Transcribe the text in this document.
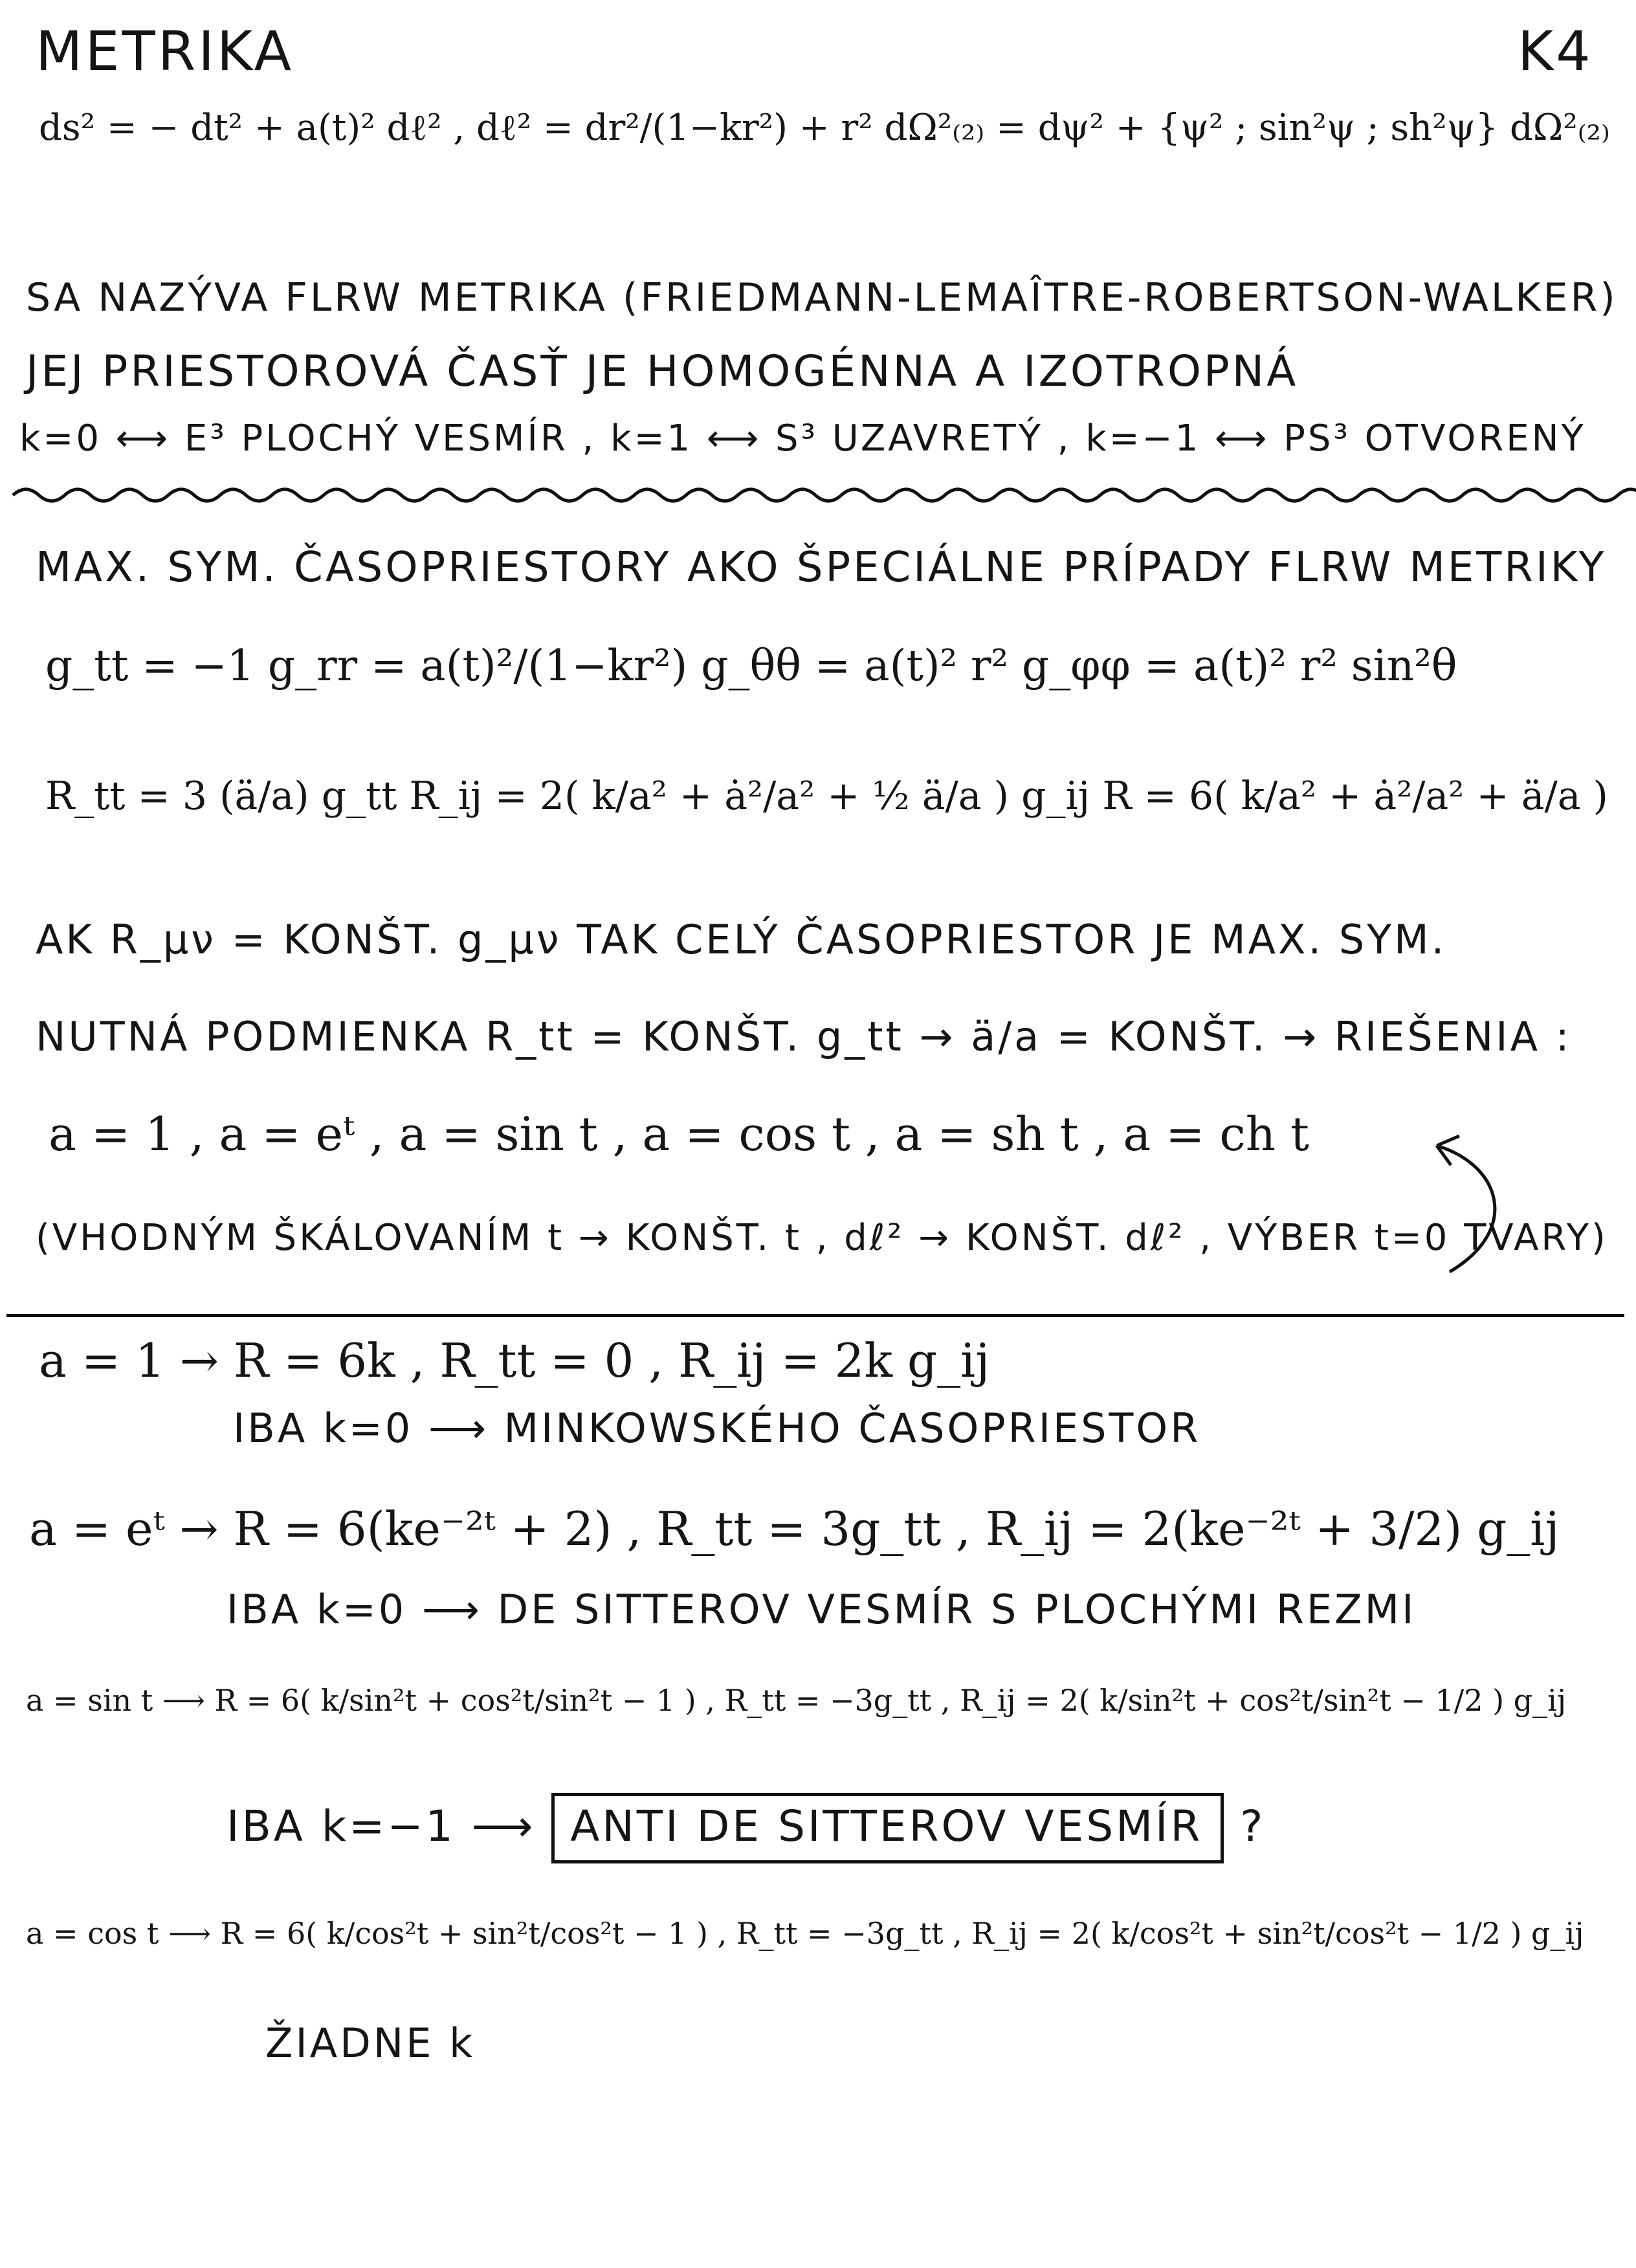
METRIKA	K4
ds² = − dt² + a(t)² dℓ² , dℓ² = dr²/(1−kr²) + r² dΩ²₍₂₎ = dψ² + {ψ² ; sin²ψ ; sh²ψ} dΩ²₍₂₎
SA NAZÝVA FLRW METRIKA (FRIEDMANN-LEMAÎTRE-ROBERTSON-WALKER)
JEJ PRIESTOROVÁ ČASŤ JE HOMOGÉNNA A IZOTROPNÁ
k=0 ⟷ E³ PLOCHÝ VESMÍR , k=1 ⟷ S³ UZAVRETÝ , k=−1 ⟷ PS³ OTVORENÝ
MAX. SYM. ČASOPRIESTORY AKO ŠPECIÁLNE PRÍPADY FLRW METRIKY
g_tt = −1 g_rr = a(t)²/(1−kr²) g_θθ = a(t)² r² g_φφ = a(t)² r² sin²θ
R_tt = 3 (ä/a) g_tt R_ij = 2( k/a² + ȧ²/a² + ½ ä/a ) g_ij R = 6( k/a² + ȧ²/a² + ä/a )
AK R_μν = KONŠT. g_μν TAK CELÝ ČASOPRIESTOR JE MAX. SYM.
NUTNÁ PODMIENKA R_tt = KONŠT. g_tt → ä/a = KONŠT. → RIEŠENIA :
a = 1 , a = eᵗ , a = sin t , a = cos t , a = sh t , a = ch t
(VHODNÝM ŠKÁLOVANÍM t → KONŠT. t , dℓ² → KONŠT. dℓ² , VÝBER t=0 TVARY)
a = 1 → R = 6k , R_tt = 0 , R_ij = 2k g_ij
IBA k=0 ⟶ MINKOWSKÉHO ČASOPRIESTOR
a = eᵗ → R = 6(ke⁻²ᵗ + 2) , R_tt = 3g_tt , R_ij = 2(ke⁻²ᵗ + 3/2) g_ij
IBA k=0 ⟶ DE SITTEROV VESMÍR S PLOCHÝMI REZMI
a = sin t ⟶ R = 6( k/sin²t + cos²t/sin²t − 1 ) , R_tt = −3g_tt , R_ij = 2( k/sin²t + cos²t/sin²t − 1/2 ) g_ij
IBA k=−1 ⟶ ANTI DE SITTEROV VESMÍR ?
a = cos t ⟶ R = 6( k/cos²t + sin²t/cos²t − 1 ) , R_tt = −3g_tt , R_ij = 2( k/cos²t + sin²t/cos²t − 1/2 ) g_ij
ŽIADNE k
